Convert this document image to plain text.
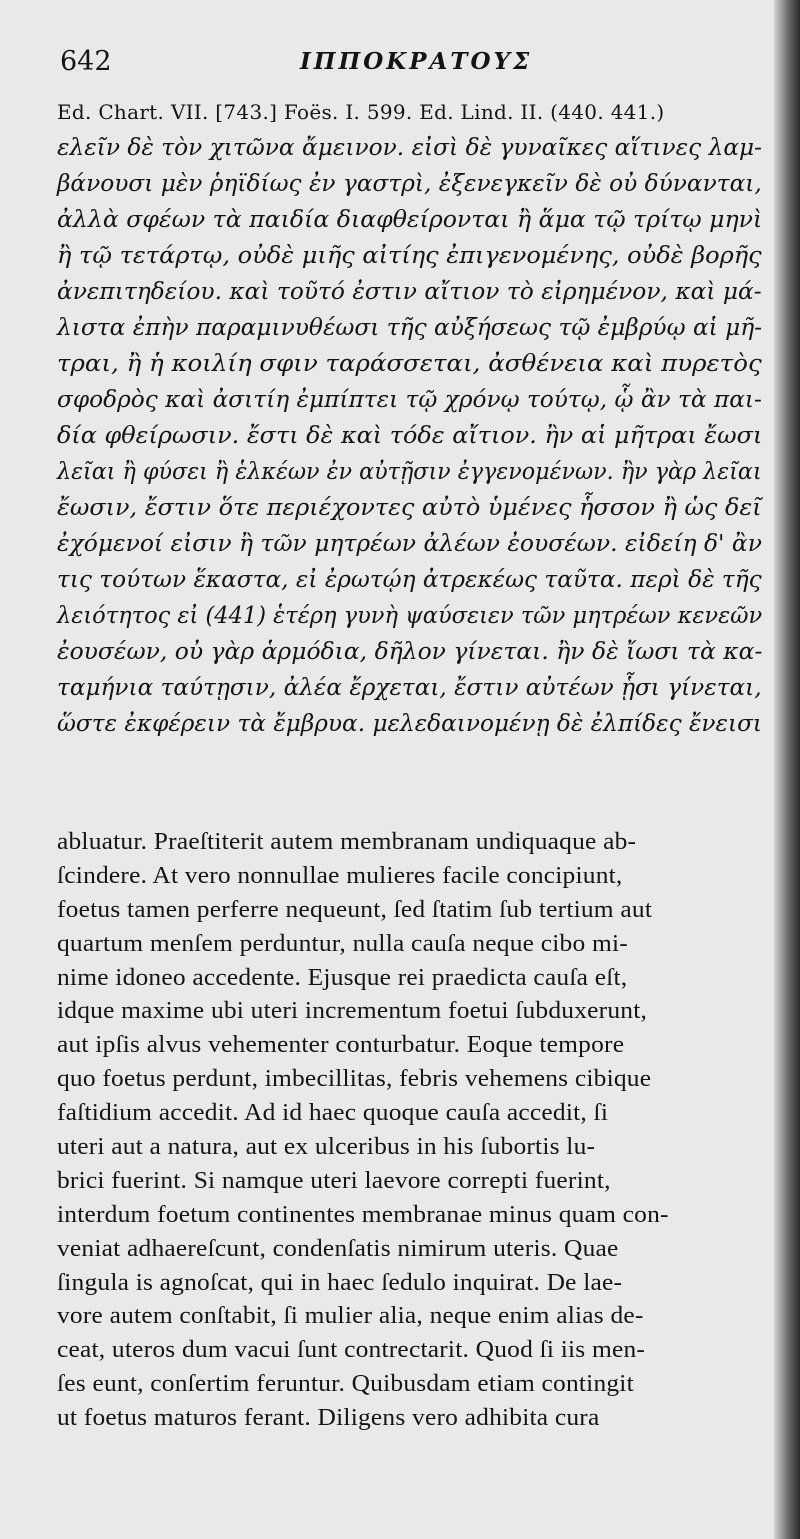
642	ΙΠΠΟΚΡΑΤΟΥΣ
Ed. Chart. VII. [743.] Foës. I. 599. Ed. Lind. II. (440. 441.)
ελεῖν δὲ τὸν χιτῶνα ἄμεινον. εἰσὶ δὲ γυναῖκες αἵτινες λαμ-
βάνουσι μὲν ῥηϊδίως ἐν γαστρὶ, ἐξενεγκεῖν δὲ οὐ δύνανται,
ἀλλὰ σφέων τὰ παιδία διαφθείρονται ἢ ἅμα τῷ τρίτῳ μηνὶ
ἢ τῷ τετάρτῳ, οὐδὲ μιῆς αἰτίης ἐπιγενομένης, οὐδὲ βορῆς
ἀνεπιτηδείου. καὶ τοῦτό ἐστιν αἴτιον τὸ εἰρημένον, καὶ μά-
λιστα ἐπὴν παραμινυθέωσι τῆς αὐξήσεως τῷ ἐμβρύῳ αἱ μῆ-
τραι, ἢ ἡ κοιλίη σφιν ταράσσεται, ἀσθένεια καὶ πυρετὸς
σφοδρὸς καὶ ἀσιτίη ἐμπίπτει τῷ χρόνῳ τούτῳ, ᾧ ἂν τὰ παι-
δία φθείρωσιν. ἔστι δὲ καὶ τόδε αἴτιον. ἢν αἱ μῆτραι ἔωσι
λεῖαι ἢ φύσει ἢ ἑλκέων ἐν αὐτῇσιν ἐγγενομένων. ἢν γὰρ λεῖαι
ἔωσιν, ἔστιν ὅτε περιέχοντες αὐτὸ ὑμένες ἧσσον ἢ ὡς δεῖ
ἐχόμενοί εἰσιν ἢ τῶν μητρέων ἀλέων ἐουσέων. εἰδείη δ' ἂν
τις τούτων ἕκαστα, εἰ ἐρωτῴη ἀτρεκέως ταῦτα. περὶ δὲ τῆς
λειότητος εἰ (441) ἑτέρη γυνὴ ψαύσειεν τῶν μητρέων κενεῶν
ἐουσέων, οὐ γὰρ ἁρμόδια, δῆλον γίνεται. ἢν δὲ ἴωσι τὰ κα-
ταμήνια ταύτῃσιν, ἀλέα ἔρχεται, ἔστιν αὐτέων ᾗσι γίνεται,
ὥστε ἐκφέρειν τὰ ἔμβρυα. μελεδαινομένῃ δὲ ἐλπίδες ἔνεισι
abluatur. Praeſtiterit autem membranam undiquaque ab-
ſcindere. At vero nonnullae mulieres facile concipiunt,
foetus tamen perferre nequeunt, ſed ſtatim ſub tertium aut
quartum menſem perduntur, nulla cauſa neque cibo mi-
nime idoneo accedente. Ejusque rei praedicta cauſa eſt,
idque maxime ubi uteri incrementum foetui ſubduxerunt,
aut ipſis alvus vehementer conturbatur. Eoque tempore
quo foetus perdunt, imbecillitas, febris vehemens cibique
faſtidium accedit. Ad id haec quoque cauſa accedit, ſi
uteri aut a natura, aut ex ulceribus in his ſubortis lu-
brici fuerint. Si namque uteri laevore correpti fuerint,
interdum foetum continentes membranae minus quam con-
veniat adhaereſcunt, condenſatis nimirum uteris. Quae
ſingula is agnoſcat, qui in haec ſedulo inquirat. De lae-
vore autem conſtabit, ſi mulier alia, neque enim alias de-
ceat, uteros dum vacui ſunt contrectarit. Quod ſi iis men-
ſes eunt, conſertim feruntur. Quibusdam etiam contingit
ut foetus maturos ferant. Diligens vero adhibita cura
